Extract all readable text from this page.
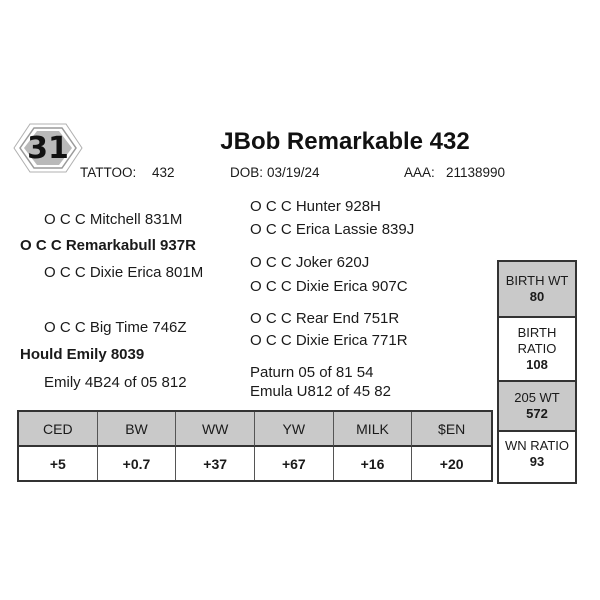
31	JBob Remarkable 432
TATTOO: 432	DOB: 03/19/24	AAA: 21138990
O C C Mitchell 831M
O C C Remarkabull 937R
O C C Dixie Erica 801M
O C C Big Time 746Z
Hould Emily 8039
Emily 4B24 of 05 812
O C C Hunter 928H
O C C Erica Lassie 839J
O C C Joker 620J
O C C Dixie Erica 907C
O C C Rear End 751R
O C C Dixie Erica 771R
Paturn 05 of 81 54
Emula U812 of 45 82
CED	BW	WW	YW	MILK	$EN
+5	+0.7	+37	+67	+16	+20
BIRTH WT
80
BIRTH
RATIO
108
205 WT
572
WN RATIO
93
